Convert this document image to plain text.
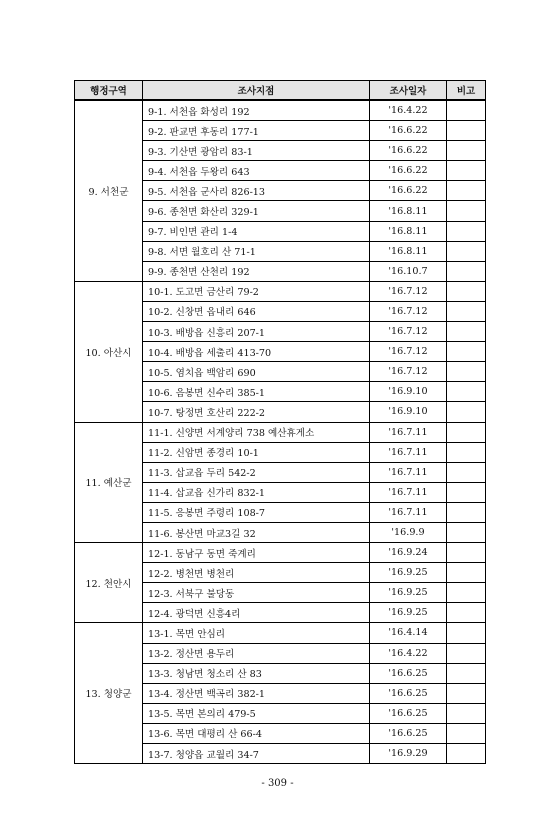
행정구역	조사지점	조사일자	비고
9. 서천군	9-1. 서천읍 화성리 192	'16.4.22	
	9-2. 판교면 후동리 177-1	'16.6.22	
	9-3. 기산면 광암리 83-1	'16.6.22	
	9-4. 서천읍 두왕리 643	'16.6.22	
	9-5. 서천읍 군사리 826-13	'16.6.22	
	9-6. 종천면 화산리 329-1	'16.8.11	
	9-7. 비인면 관리 1-4	'16.8.11	
	9-8. 서면 월호리 산 71-1	'16.8.11	
	9-9. 종천면 산천리 192	'16.10.7	
10. 아산시	10-1. 도고면 금산리 79-2	'16.7.12	
	10-2. 신창면 읍내리 646	'16.7.12	
	10-3. 배방읍 신흥리 207-1	'16.7.12	
	10-4. 배방읍 세출리 413-70	'16.7.12	
	10-5. 염치읍 백암리 690	'16.7.12	
	10-6. 음봉면 신수리 385-1	'16.9.10	
	10-7. 탕정면 호산리 222-2	'16.9.10	
11. 예산군	11-1. 신양면 서계양리 738 예산휴게소	'16.7.11	
	11-2. 신암면 종경리 10-1	'16.7.11	
	11-3. 삽교읍 두리 542-2	'16.7.11	
	11-4. 삽교읍 신가리 832-1	'16.7.11	
	11-5. 응봉면 주령리 108-7	'16.7.11	
	11-6. 봉산면 마교3길 32	'16.9.9	
12. 천안시	12-1. 동남구 동면 죽계리	'16.9.24	
	12-2. 병천면 병천리	'16.9.25	
	12-3. 서북구 불당동	'16.9.25	
	12-4. 광덕면 신흥4리	'16.9.25	
13. 청양군	13-1. 목면 안심리	'16.4.14	
	13-2. 정산면 용두리	'16.4.22	
	13-3. 청남면 청소리 산 83	'16.6.25	
	13-4. 정산면 백곡리 382-1	'16.6.25	
	13-5. 목면 본의리 479-5	'16.6.25	
	13-6. 목면 대평리 산 66-4	'16.6.25	
	13-7. 청양읍 교월리 34-7	'16.9.29	
- 309 -
